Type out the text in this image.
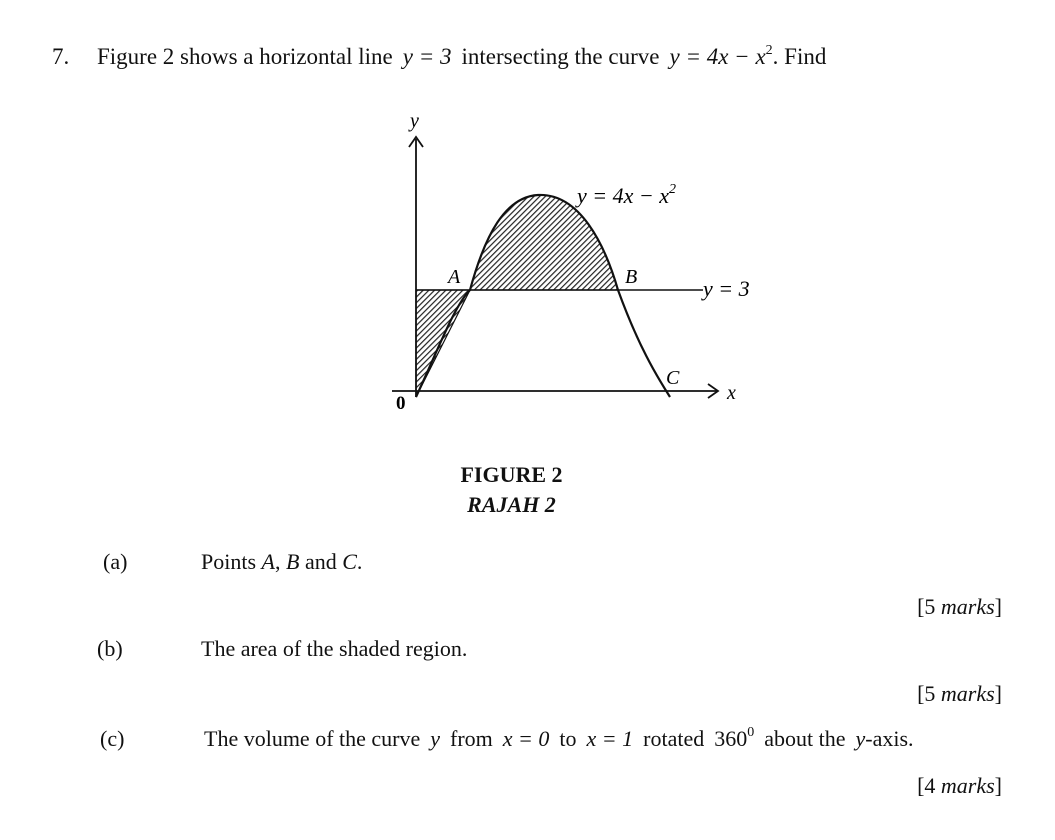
7. Figure 2 shows a horizontal line y = 3 intersecting the curve $y = 4x - x^2$. Find
y
x
0
$y = 4x - x^2$
y = 3
A	B
C
FIGURE 2
RAJAH 2
(a)	Points A, B and C.
[5 marks]
(b)	The area of the shaded region.
[5 marks]
(c)	The volume of the curve y from x = 0 to x = 1 rotated $360^0$ about the y-axis.
[4 marks]
